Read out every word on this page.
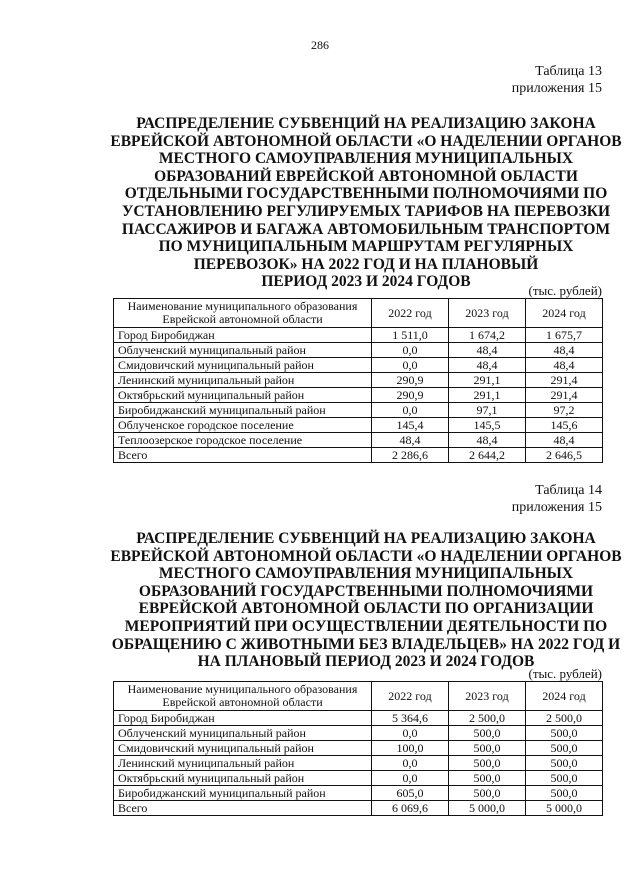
286
Таблица 13
приложения 15
РАСПРЕДЕЛЕНИЕ СУБВЕНЦИЙ НА РЕАЛИЗАЦИЮ ЗАКОНА
ЕВРЕЙСКОЙ АВТОНОМНОЙ ОБЛАСТИ «О НАДЕЛЕНИИ ОРГАНОВ
МЕСТНОГО САМОУПРАВЛЕНИЯ МУНИЦИПАЛЬНЫХ
ОБРАЗОВАНИЙ ЕВРЕЙСКОЙ АВТОНОМНОЙ ОБЛАСТИ
ОТДЕЛЬНЫМИ ГОСУДАРСТВЕННЫМИ ПОЛНОМОЧИЯМИ ПО
УСТАНОВЛЕНИЮ РЕГУЛИРУЕМЫХ ТАРИФОВ НА ПЕРЕВОЗКИ
ПАССАЖИРОВ И БАГАЖА АВТОМОБИЛЬНЫМ ТРАНСПОРТОМ
ПО МУНИЦИПАЛЬНЫМ МАРШРУТАМ РЕГУЛЯРНЫХ
ПЕРЕВОЗОК» НА 2022 ГОД И НА ПЛАНОВЫЙ
ПЕРИОД 2023 И 2024 ГОДОВ
(тыс. рублей)
Наименование муниципального образования Еврейской автономной области	2022 год	2023 год	2024 год
Город Биробиджан	1 511,0	1 674,2	1 675,7
Облученский муниципальный район	0,0	48,4	48,4
Смидовичский муниципальный район	0,0	48,4	48,4
Ленинский муниципальный район	290,9	291,1	291,4
Октябрьский муниципальный район	290,9	291,1	291,4
Биробиджанский муниципальный район	0,0	97,1	97,2
Облученское городское поселение	145,4	145,5	145,6
Теплоозерское городское поселение	48,4	48,4	48,4
Всего	2 286,6	2 644,2	2 646,5
Таблица 14
приложения 15
РАСПРЕДЕЛЕНИЕ СУБВЕНЦИЙ НА РЕАЛИЗАЦИЮ ЗАКОНА
ЕВРЕЙСКОЙ АВТОНОМНОЙ ОБЛАСТИ «О НАДЕЛЕНИИ ОРГАНОВ
МЕСТНОГО САМОУПРАВЛЕНИЯ МУНИЦИПАЛЬНЫХ
ОБРАЗОВАНИЙ ГОСУДАРСТВЕННЫМИ ПОЛНОМОЧИЯМИ
ЕВРЕЙСКОЙ АВТОНОМНОЙ ОБЛАСТИ ПО ОРГАНИЗАЦИИ
МЕРОПРИЯТИЙ ПРИ ОСУЩЕСТВЛЕНИИ ДЕЯТЕЛЬНОСТИ ПО
ОБРАЩЕНИЮ С ЖИВОТНЫМИ БЕЗ ВЛАДЕЛЬЦЕВ» НА 2022 ГОД И
НА ПЛАНОВЫЙ ПЕРИОД 2023 И 2024 ГОДОВ
(тыс. рублей)
Наименование муниципального образования Еврейской автономной области	2022 год	2023 год	2024 год
Город Биробиджан	5 364,6	2 500,0	2 500,0
Облученский муниципальный район	0,0	500,0	500,0
Смидовичский муниципальный район	100,0	500,0	500,0
Ленинский муниципальный район	0,0	500,0	500,0
Октябрьский муниципальный район	0,0	500,0	500,0
Биробиджанский муниципальный район	605,0	500,0	500,0
Всего	6 069,6	5 000,0	5 000,0
